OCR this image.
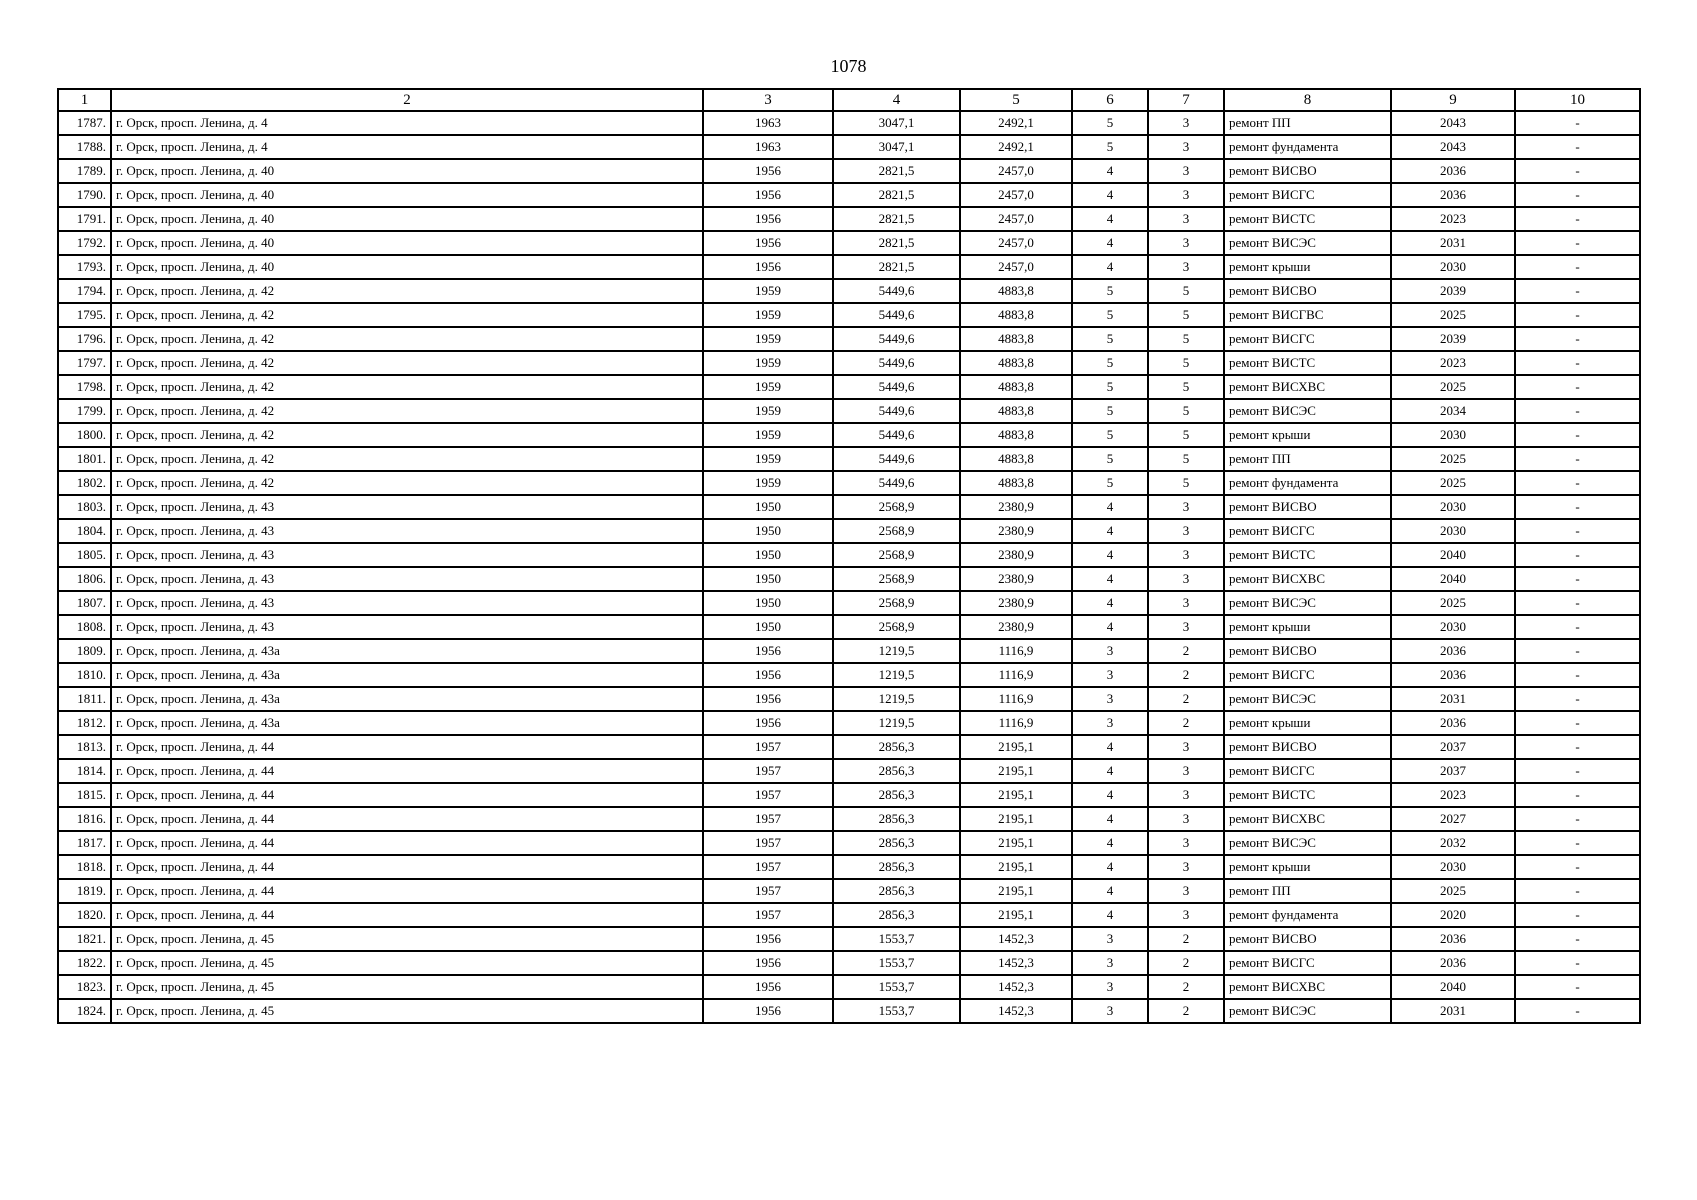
1078
1	2	3	4	5	6	7	8	9	10
1787.	г. Орск, просп. Ленина, д. 4	1963	3047,1	2492,1	5	3	ремонт ПП	2043	-
1788.	г. Орск, просп. Ленина, д. 4	1963	3047,1	2492,1	5	3	ремонт фундамента	2043	-
1789.	г. Орск, просп. Ленина, д. 40	1956	2821,5	2457,0	4	3	ремонт ВИСВО	2036	-
1790.	г. Орск, просп. Ленина, д. 40	1956	2821,5	2457,0	4	3	ремонт ВИСГС	2036	-
1791.	г. Орск, просп. Ленина, д. 40	1956	2821,5	2457,0	4	3	ремонт ВИСТС	2023	-
1792.	г. Орск, просп. Ленина, д. 40	1956	2821,5	2457,0	4	3	ремонт ВИСЭС	2031	-
1793.	г. Орск, просп. Ленина, д. 40	1956	2821,5	2457,0	4	3	ремонт крыши	2030	-
1794.	г. Орск, просп. Ленина, д. 42	1959	5449,6	4883,8	5	5	ремонт ВИСВО	2039	-
1795.	г. Орск, просп. Ленина, д. 42	1959	5449,6	4883,8	5	5	ремонт ВИСГВС	2025	-
1796.	г. Орск, просп. Ленина, д. 42	1959	5449,6	4883,8	5	5	ремонт ВИСГС	2039	-
1797.	г. Орск, просп. Ленина, д. 42	1959	5449,6	4883,8	5	5	ремонт ВИСТС	2023	-
1798.	г. Орск, просп. Ленина, д. 42	1959	5449,6	4883,8	5	5	ремонт ВИСХВС	2025	-
1799.	г. Орск, просп. Ленина, д. 42	1959	5449,6	4883,8	5	5	ремонт ВИСЭС	2034	-
1800.	г. Орск, просп. Ленина, д. 42	1959	5449,6	4883,8	5	5	ремонт крыши	2030	-
1801.	г. Орск, просп. Ленина, д. 42	1959	5449,6	4883,8	5	5	ремонт ПП	2025	-
1802.	г. Орск, просп. Ленина, д. 42	1959	5449,6	4883,8	5	5	ремонт фундамента	2025	-
1803.	г. Орск, просп. Ленина, д. 43	1950	2568,9	2380,9	4	3	ремонт ВИСВО	2030	-
1804.	г. Орск, просп. Ленина, д. 43	1950	2568,9	2380,9	4	3	ремонт ВИСГС	2030	-
1805.	г. Орск, просп. Ленина, д. 43	1950	2568,9	2380,9	4	3	ремонт ВИСТС	2040	-
1806.	г. Орск, просп. Ленина, д. 43	1950	2568,9	2380,9	4	3	ремонт ВИСХВС	2040	-
1807.	г. Орск, просп. Ленина, д. 43	1950	2568,9	2380,9	4	3	ремонт ВИСЭС	2025	-
1808.	г. Орск, просп. Ленина, д. 43	1950	2568,9	2380,9	4	3	ремонт крыши	2030	-
1809.	г. Орск, просп. Ленина, д. 43а	1956	1219,5	1116,9	3	2	ремонт ВИСВО	2036	-
1810.	г. Орск, просп. Ленина, д. 43а	1956	1219,5	1116,9	3	2	ремонт ВИСГС	2036	-
1811.	г. Орск, просп. Ленина, д. 43а	1956	1219,5	1116,9	3	2	ремонт ВИСЭС	2031	-
1812.	г. Орск, просп. Ленина, д. 43а	1956	1219,5	1116,9	3	2	ремонт крыши	2036	-
1813.	г. Орск, просп. Ленина, д. 44	1957	2856,3	2195,1	4	3	ремонт ВИСВО	2037	-
1814.	г. Орск, просп. Ленина, д. 44	1957	2856,3	2195,1	4	3	ремонт ВИСГС	2037	-
1815.	г. Орск, просп. Ленина, д. 44	1957	2856,3	2195,1	4	3	ремонт ВИСТС	2023	-
1816.	г. Орск, просп. Ленина, д. 44	1957	2856,3	2195,1	4	3	ремонт ВИСХВС	2027	-
1817.	г. Орск, просп. Ленина, д. 44	1957	2856,3	2195,1	4	3	ремонт ВИСЭС	2032	-
1818.	г. Орск, просп. Ленина, д. 44	1957	2856,3	2195,1	4	3	ремонт крыши	2030	-
1819.	г. Орск, просп. Ленина, д. 44	1957	2856,3	2195,1	4	3	ремонт ПП	2025	-
1820.	г. Орск, просп. Ленина, д. 44	1957	2856,3	2195,1	4	3	ремонт фундамента	2020	-
1821.	г. Орск, просп. Ленина, д. 45	1956	1553,7	1452,3	3	2	ремонт ВИСВО	2036	-
1822.	г. Орск, просп. Ленина, д. 45	1956	1553,7	1452,3	3	2	ремонт ВИСГС	2036	-
1823.	г. Орск, просп. Ленина, д. 45	1956	1553,7	1452,3	3	2	ремонт ВИСХВС	2040	-
1824.	г. Орск, просп. Ленина, д. 45	1956	1553,7	1452,3	3	2	ремонт ВИСЭС	2031	-
